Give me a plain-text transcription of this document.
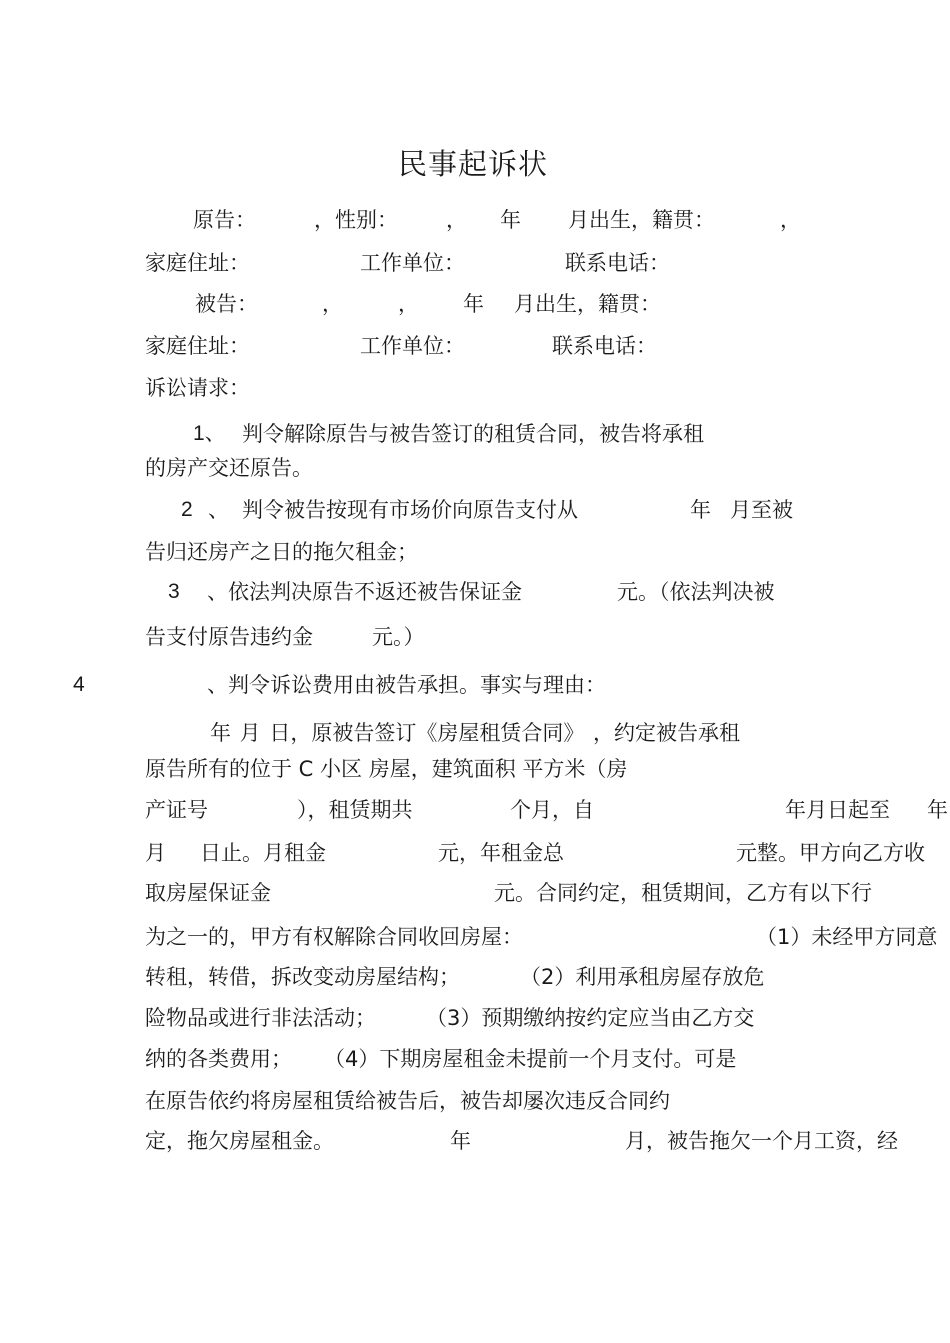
民事起诉状
原告：	，性别： ， 年 月出生，籍贯：	，
家庭住址：	工作单位：	联系电话：
被告：	，	， 年 月出生，籍贯：
家庭住址：	工作单位：	联系电话：
诉讼请求：
1、 判令解除原告与被告签订的租赁合同，被告将承租
的房产交还原告。
2 、 判令被告按现有市场价向原告支付从	年 月至被
告归还房产之日的拖欠租金；
3 、依法判决原告不返还被告保证金	元。（依法判决被
告支付原告违约金	元。）
4	、判令诉讼费用由被告承担。事实与理由：
年 月 日，原被告签订《房屋租赁合同》 ，约定被告承租
原告所有的位于 C 小区 房屋，建筑面积 平方米（房
产证号	），租赁期共	个月，自	年月日起至 年
月 日止。月租金	元，年租金总	元整。甲方向乙方收
取房屋保证金	元。合同约定，租赁期间，乙方有以下行
为之一的，甲方有权解除合同收回房屋：	（1）未经甲方同意
转租，转借，拆改变动房屋结构；	（2）利用承租房屋存放危
险物品或进行非法活动； （3）预期缴纳按约定应当由乙方交
纳的各类费用； （4）下期房屋租金未提前一个月支付。可是
在原告依约将房屋租赁给被告后，被告却屡次违反合同约
定，拖欠房屋租金。	年	月，被告拖欠一个月工资，经
